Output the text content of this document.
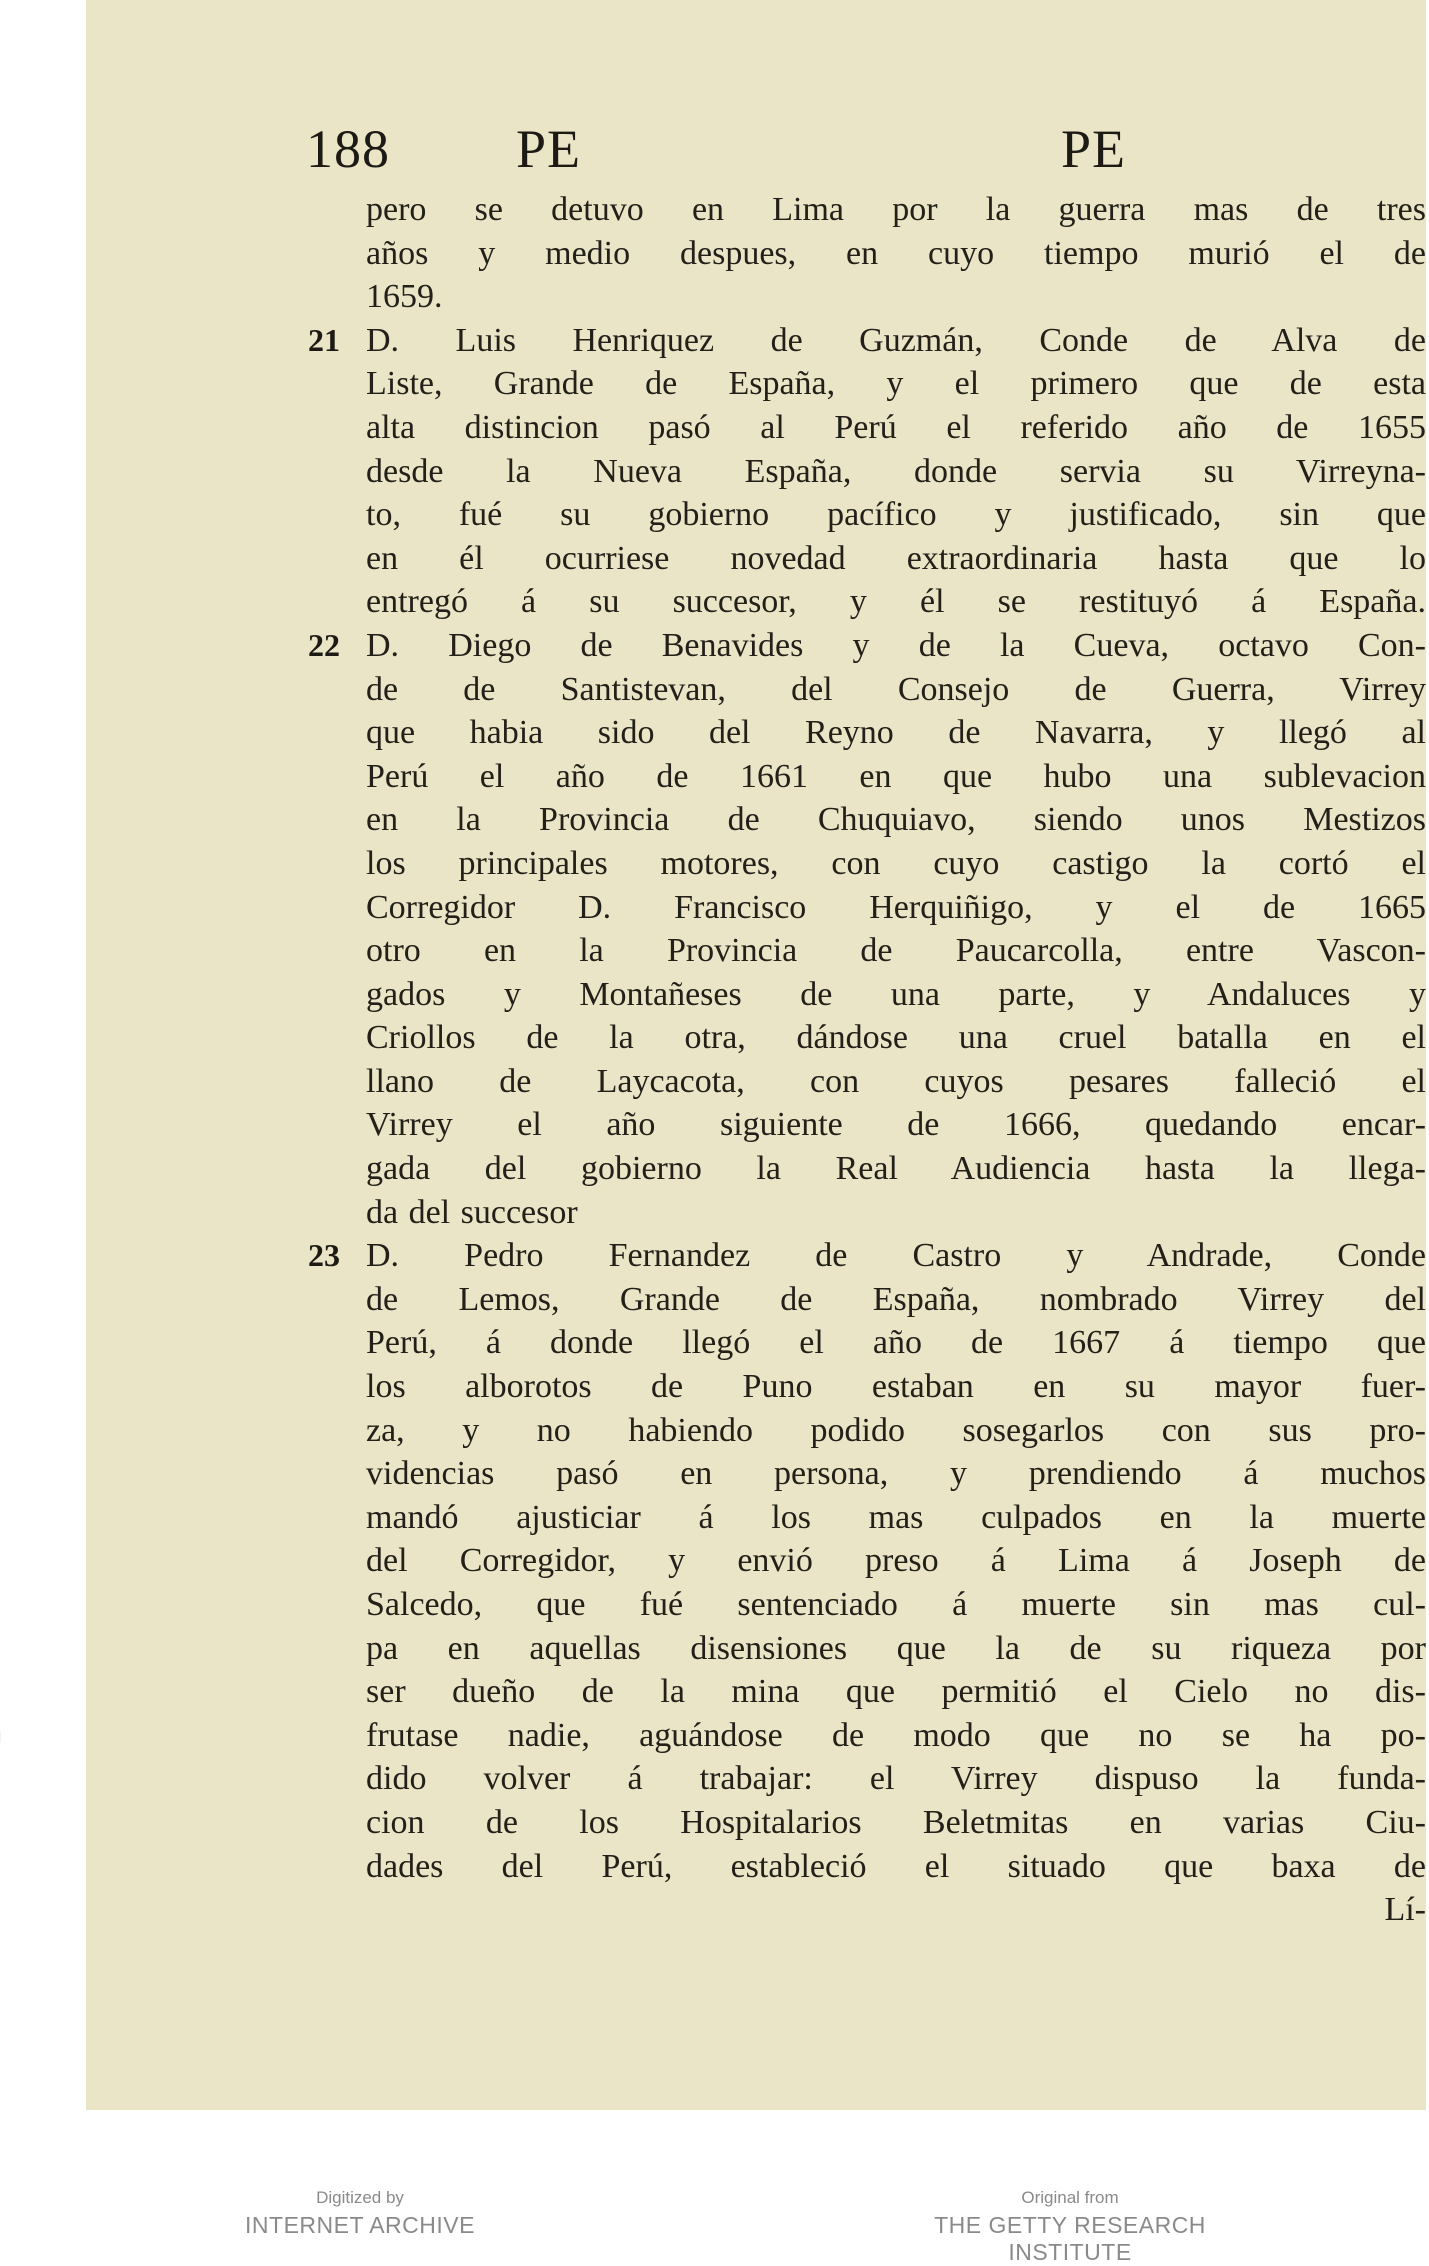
188 PE	PE
pero se detuvo en Lima por la guerra mas de tres
años y medio despues, en cuyo tiempo murió el de
1659.
21 D. Luis Henriquez de Guzmán, Conde de Alva de
Liste, Grande de España, y el primero que de esta
alta distincion pasó al Perú el referido año de 1655
desde la Nueva España, donde servia su Virreyna-
to, fué su gobierno pacífico y justificado, sin que
en él ocurriese novedad extraordinaria hasta que lo
entregó á su succesor, y él se restituyó á España.
22 D. Diego de Benavides y de la Cueva, octavo Con-
de de Santistevan, del Consejo de Guerra, Virrey
que habia sido del Reyno de Navarra, y llegó al
Perú el año de 1661 en que hubo una sublevacion
en la Provincia de Chuquiavo, siendo unos Mestizos
los principales motores, con cuyo castigo la cortó el
Corregidor D. Francisco Herquiñigo, y el de 1665
otro en la Provincia de Paucarcolla, entre Vascon-
gados y Montañeses de una parte, y Andaluces y
Criollos de la otra, dándose una cruel batalla en el
llano de Laycacota, con cuyos pesares falleció el
Virrey el año siguiente de 1666, quedando encar-
gada del gobierno la Real Audiencia hasta la llega-
da del succesor
23 D. Pedro Fernandez de Castro y Andrade, Conde
de Lemos, Grande de España, nombrado Virrey del
Perú, á donde llegó el año de 1667 á tiempo que
los alborotos de Puno estaban en su mayor fuer-
za, y no habiendo podido sosegarlos con sus pro-
videncias pasó en persona, y prendiendo á muchos
mandó ajusticiar á los mas culpados en la muerte
del Corregidor, y envió preso á Lima á Joseph de
Salcedo, que fué sentenciado á muerte sin mas cul-
pa en aquellas disensiones que la de su riqueza por
ser dueño de la mina que permitió el Cielo no dis-
frutase nadie, aguándose de modo que no se ha po-
dido volver á trabajar: el Virrey dispuso la funda-
cion de los Hospitalarios Beletmitas en varias Ciu-
dades del Perú, estableció el situado que baxa de
Lí-
Digitized by
INTERNET ARCHIVE
Original from
THE GETTY RESEARCH INSTITUTE
